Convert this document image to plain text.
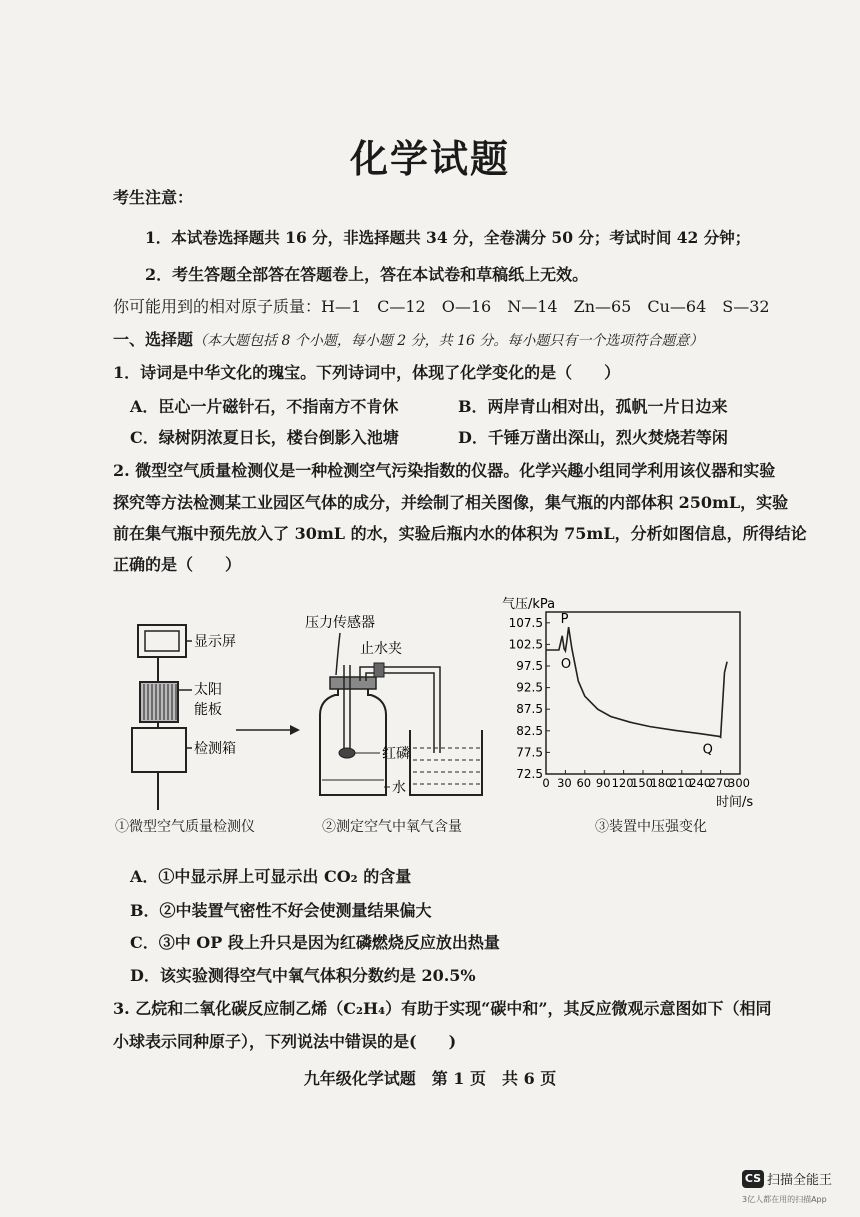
化学试题
考生注意：
1．本试卷选择题共 16 分，非选择题共 34 分，全卷满分 50 分；考试时间 42 分钟；
2．考生答题全部答在答题卷上，答在本试卷和草稿纸上无效。
你可能用到的相对原子质量：H—1　C—12　O—16　N—14　Zn—65　Cu—64　S—32
一、选择题（本大题包括 8 个小题，每小题 2 分，共 16 分。每小题只有一个选项符合题意）
1．诗词是中华文化的瑰宝。下列诗词中，体现了化学变化的是（　　）
A．臣心一片磁针石，不指南方不肯休	B．两岸青山相对出，孤帆一片日边来
C．绿树阴浓夏日长，楼台倒影入池塘	D．千锤万凿出深山，烈火焚烧若等闲
2. 微型空气质量检测仪是一种检测空气污染指数的仪器。化学兴趣小组同学利用该仪器和实验
探究等方法检测某工业园区气体的成分，并绘制了相关图像，集气瓶的内部体积 250mL，实验
前在集气瓶中预先放入了 30mL 的水，实验后瓶内水的体积为 75mL，分析如图信息，所得结论
正确的是（　　）
显示屏
太阳
能板
检测箱
压力传感器
止水夹
红磷
水
气压/kPa
时间/s
107.5
102.5
97.5
92.5
87.5
82.5
77.5
72.5
0 30 60 90 120
150
180
210
240
270
300
O
P
Q
①微型空气质量检测仪	②测定空气中氧气含量	③装置中压强变化
A．①中显示屏上可显示出 CO₂ 的含量
B．②中装置气密性不好会使测量结果偏大
C．③中 OP 段上升只是因为红磷燃烧反应放出热量
D．该实验测得空气中氧气体积分数约是 20.5%
3. 乙烷和二氧化碳反应制乙烯（C₂H₄）有助于实现“碳中和”，其反应微观示意图如下（相同
小球表示同种原子），下列说法中错误的是(　　)
九年级化学试题　第 1 页　共 6 页
CS 扫描全能王
3亿人都在用的扫描App
